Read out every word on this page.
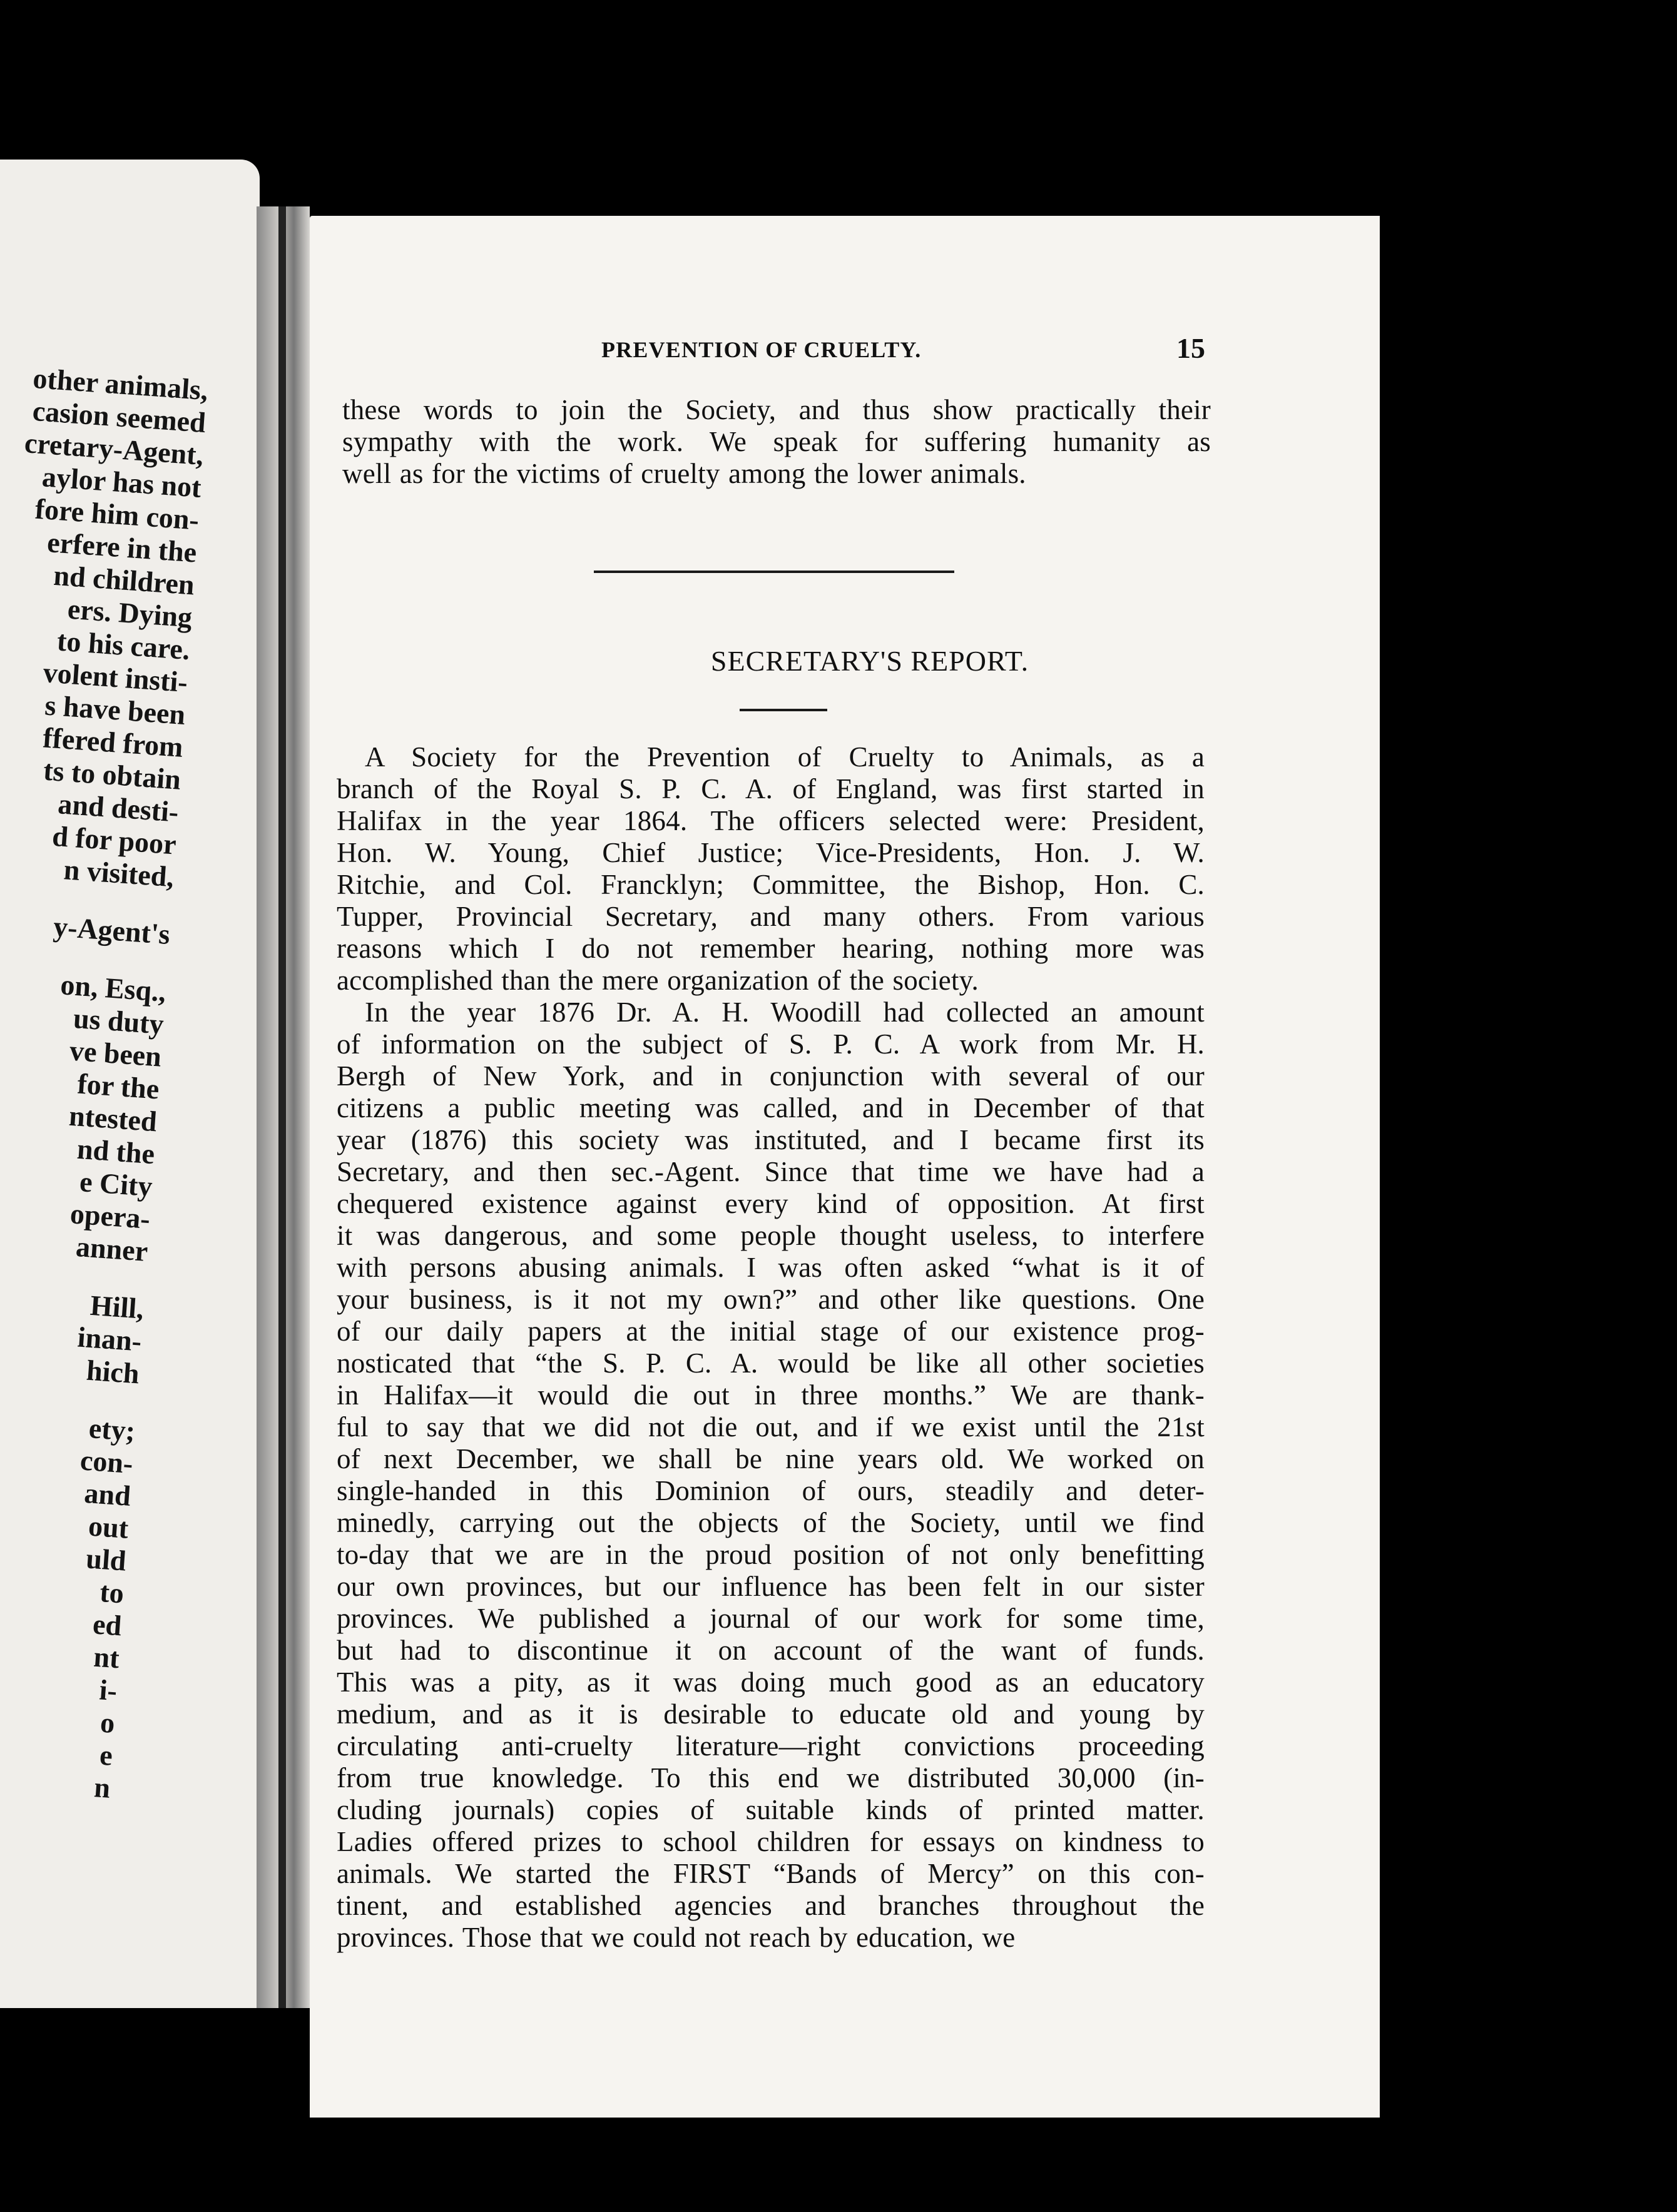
other animals,
casion seemed
cretary-Agent,
aylor has not
fore him con-
erfere in the
nd children
ers. Dying
to his care.
volent insti-
s have been
ffered from
ts to obtain
and desti-
d for poor
n visited,
y-Agent's
on, Esq.,
us duty
ve been
for the
ntested
nd the
e City
opera-
anner
Hill,
inan-
hich
ety;
con-
and
out
uld
to
ed
nt
i-
o
e
n
PREVENTION OF CRUELTY.	15
these words to join the Society, and thus show practically their
sympathy with the work. We speak for suffering humanity as
well as for the victims of cruelty among the lower animals.
SECRETARY'S REPORT.
A Society for the Prevention of Cruelty to Animals, as a
branch of the Royal S. P. C. A. of England, was first started in
Halifax in the year 1864. The officers selected were: President,
Hon. W. Young, Chief Justice; Vice-Presidents, Hon. J. W.
Ritchie, and Col. Francklyn; Committee, the Bishop, Hon. C.
Tupper, Provincial Secretary, and many others. From various
reasons which I do not remember hearing, nothing more was
accomplished than the mere organization of the society.
In the year 1876 Dr. A. H. Woodill had collected an amount
of information on the subject of S. P. C. A work from Mr. H.
Bergh of New York, and in conjunction with several of our
citizens a public meeting was called, and in December of that
year (1876) this society was instituted, and I became first its
Secretary, and then sec.-Agent. Since that time we have had a
chequered existence against every kind of opposition. At first
it was dangerous, and some people thought useless, to interfere
with persons abusing animals. I was often asked “what is it of
your business, is it not my own?” and other like questions. One
of our daily papers at the initial stage of our existence prog-
nosticated that “the S. P. C. A. would be like all other societies
in Halifax—it would die out in three months.” We are thank-
ful to say that we did not die out, and if we exist until the 21st
of next December, we shall be nine years old. We worked on
single-handed in this Dominion of ours, steadily and deter-
minedly, carrying out the objects of the Society, until we find
to-day that we are in the proud position of not only benefitting
our own provinces, but our influence has been felt in our sister
provinces. We published a journal of our work for some time,
but had to discontinue it on account of the want of funds.
This was a pity, as it was doing much good as an educatory
medium, and as it is desirable to educate old and young by
circulating anti-cruelty literature—right convictions proceeding
from true knowledge. To this end we distributed 30,000 (in-
cluding journals) copies of suitable kinds of printed matter.
Ladies offered prizes to school children for essays on kindness to
animals. We started the FIRST “Bands of Mercy” on this con-
tinent, and established agencies and branches throughout the
provinces. Those that we could not reach by education, we
